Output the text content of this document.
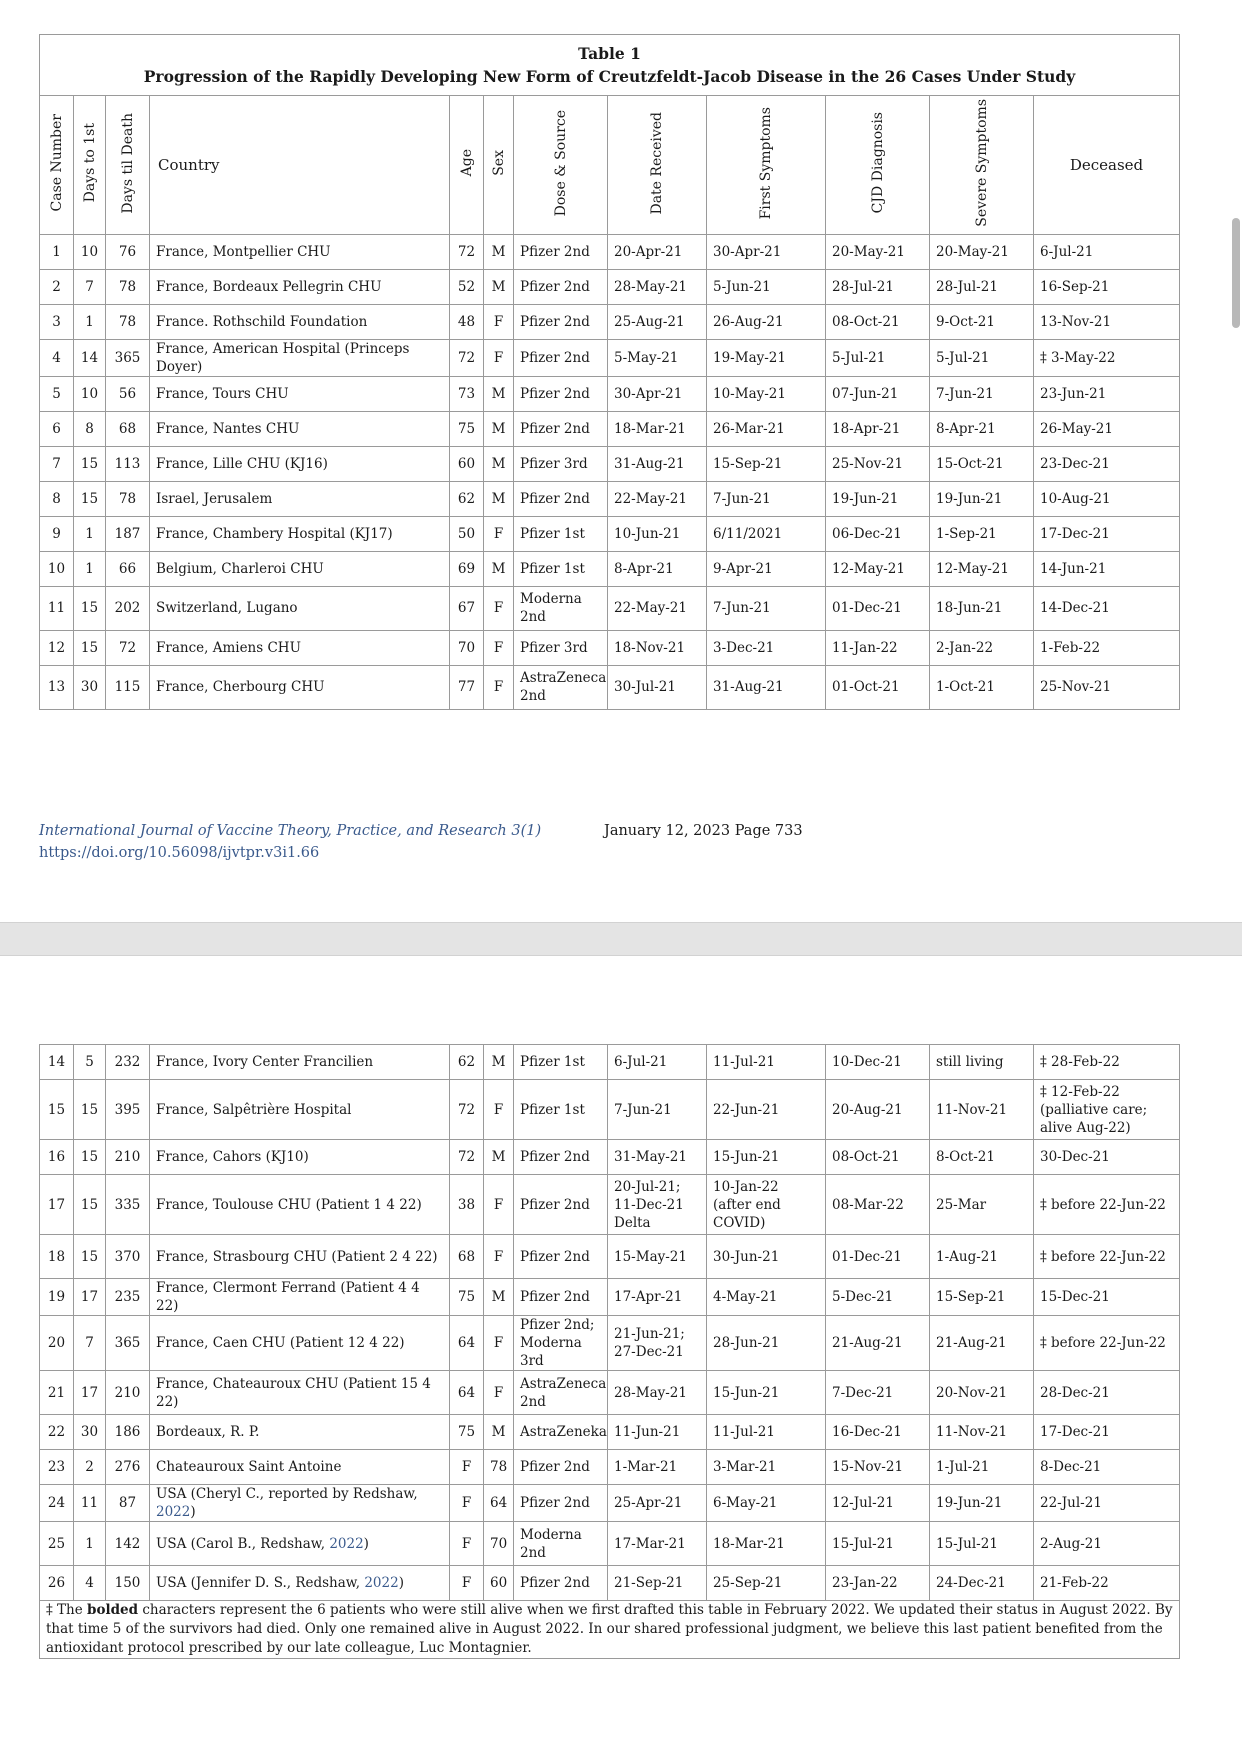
Table 1
Progression of the Rapidly Developing New Form of Creutzfeldt-Jacob Disease in the 26 Cases Under Study											

Case Number	Days to 1st	Days til Death	Country	Age	Sex	Dose & Source	Date Received	First Symptoms	CJD Diagnosis	Severe Symptoms	Deceased
1	10	76	France, Montpellier CHU	72	M	Pfizer 2nd	20-Apr-21	30-Apr-21	20-May-21	20-May-21	6-Jul-21
2	7	78	France, Bordeaux Pellegrin CHU	52	M	Pfizer 2nd	28-May-21	5-Jun-21	28-Jul-21	28-Jul-21	16-Sep-21
3	1	78	France. Rothschild Foundation	48	F	Pfizer 2nd	25-Aug-21	26-Aug-21	08-Oct-21	9-Oct-21	13-Nov-21
4	14	365	France, American Hospital (Princeps Doyer)	72	F	Pfizer 2nd	5-May-21	19-May-21	5-Jul-21	5-Jul-21	‡ 3-May-22
5	10	56	France, Tours CHU	73	M	Pfizer 2nd	30-Apr-21	10-May-21	07-Jun-21	7-Jun-21	23-Jun-21
6	8	68	France, Nantes CHU	75	M	Pfizer 2nd	18-Mar-21	26-Mar-21	18-Apr-21	8-Apr-21	26-May-21
7	15	113	France, Lille CHU (KJ16)	60	M	Pfizer 3rd	31-Aug-21	15-Sep-21	25-Nov-21	15-Oct-21	23-Dec-21
8	15	78	Israel, Jerusalem	62	M	Pfizer 2nd	22-May-21	7-Jun-21	19-Jun-21	19-Jun-21	10-Aug-21
9	1	187	France, Chambery Hospital (KJ17)	50	F	Pfizer 1st	10-Jun-21	6/11/2021	06-Dec-21	1-Sep-21	17-Dec-21
10	1	66	Belgium, Charleroi CHU	69	M	Pfizer 1st	8-Apr-21	9-Apr-21	12-May-21	12-May-21	14-Jun-21
11	15	202	Switzerland, Lugano	67	F	Moderna 2nd	22-May-21	7-Jun-21	01-Dec-21	18-Jun-21	14-Dec-21
12	15	72	France, Amiens CHU	70	F	Pfizer 3rd	18-Nov-21	3-Dec-21	11-Jan-22	2-Jan-22	1-Feb-22
13	30	115	France, Cherbourg CHU	77	F	AstraZeneca 2nd	30-Jul-21	31-Aug-21	01-Oct-21	1-Oct-21	25-Nov-21
International Journal of Vaccine Theory, Practice, and Research 3(1)
https://doi.org/10.56098/ijvtpr.v3i1.66
January 12, 2023 Page 733
14	5	232	France, Ivory Center Francilien	62	M	Pfizer 1st	6-Jul-21	11-Jul-21	10-Dec-21	still living	‡ 28-Feb-22
15	15	395	France, Salpêtrière Hospital	72	F	Pfizer 1st	7-Jun-21	22-Jun-21	20-Aug-21	11-Nov-21	‡ 12-Feb-22 (palliative care; alive Aug-22)
16	15	210	France, Cahors (KJ10)	72	M	Pfizer 2nd	31-May-21	15-Jun-21	08-Oct-21	8-Oct-21	30-Dec-21
17	15	335	France, Toulouse CHU (Patient 1 4 22)	38	F	Pfizer 2nd	20-Jul-21; 11-Dec-21 Delta	10-Jan-22 (after end COVID)	08-Mar-22	25-Mar	‡ before 22-Jun-22
18	15	370	France, Strasbourg CHU (Patient 2 4 22)	68	F	Pfizer 2nd	15-May-21	30-Jun-21	01-Dec-21	1-Aug-21	‡ before 22-Jun-22
19	17	235	France, Clermont Ferrand (Patient 4 4 22)	75	M	Pfizer 2nd	17-Apr-21	4-May-21	5-Dec-21	15-Sep-21	15-Dec-21
20	7	365	France, Caen CHU (Patient 12 4 22)	64	F	Pfizer 2nd; Moderna 3rd	21-Jun-21; 27-Dec-21	28-Jun-21	21-Aug-21	21-Aug-21	‡ before 22-Jun-22
21	17	210	France, Chateauroux CHU (Patient 15 4 22)	64	F	AstraZeneca 2nd	28-May-21	15-Jun-21	7-Dec-21	20-Nov-21	28-Dec-21
22	30	186	Bordeaux, R. P.	75	M	AstraZeneka	11-Jun-21	11-Jul-21	16-Dec-21	11-Nov-21	17-Dec-21
23	2	276	Chateauroux Saint Antoine	F	78	Pfizer 2nd	1-Mar-21	3-Mar-21	15-Nov-21	1-Jul-21	8-Dec-21
24	11	87	USA (Cheryl C., reported by Redshaw, 2022)	F	64	Pfizer 2nd	25-Apr-21	6-May-21	12-Jul-21	19-Jun-21	22-Jul-21
25	1	142	USA (Carol B., Redshaw, 2022)	F	70	Moderna 2nd	17-Mar-21	18-Mar-21	15-Jul-21	15-Jul-21	2-Aug-21
26	4	150	USA (Jennifer D. S., Redshaw, 2022)	F	60	Pfizer 2nd	21-Sep-21	25-Sep-21	23-Jan-22	24-Dec-21	21-Feb-22
‡ The bolded characters represent the 6 patients who were still alive when we first drafted this table in February 2022. We updated their status in August 2022. By that time 5 of the survivors had died. Only one remained alive in August 2022. In our shared professional judgment, we believe this last patient benefited from the antioxidant protocol prescribed by our late colleague, Luc Montagnier.											
